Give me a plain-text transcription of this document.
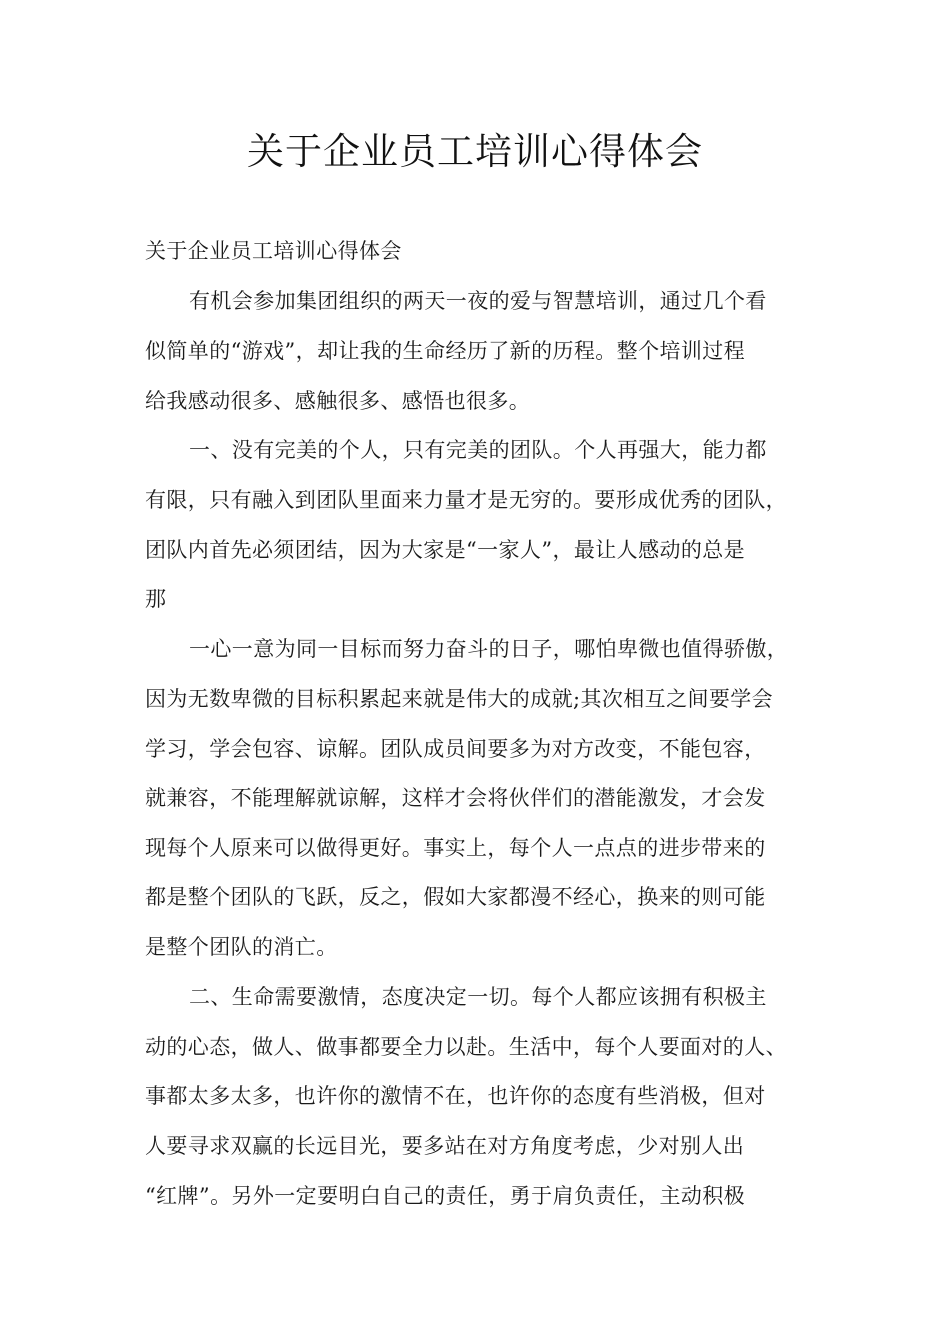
关于企业员工培训心得体会
关于企业员工培训心得体会
有机会参加集团组织的两天一夜的爱与智慧培训，通过几个看
似简单的“游戏”，却让我的生命经历了新的历程。整个培训过程
给我感动很多、感触很多、感悟也很多。
一、没有完美的个人，只有完美的团队。个人再强大，能力都
有限，只有融入到团队里面来力量才是无穷的。要形成优秀的团队，
团队内首先必须团结，因为大家是“一家人”，最让人感动的总是
那
一心一意为同一目标而努力奋斗的日子，哪怕卑微也值得骄傲，
因为无数卑微的目标积累起来就是伟大的成就;其次相互之间要学会
学习，学会包容、谅解。团队成员间要多为对方改变，不能包容，
就兼容，不能理解就谅解，这样才会将伙伴们的潜能激发，才会发
现每个人原来可以做得更好。事实上，每个人一点点的进步带来的
都是整个团队的飞跃，反之，假如大家都漫不经心，换来的则可能
是整个团队的消亡。
二、生命需要激情，态度决定一切。每个人都应该拥有积极主
动的心态，做人、做事都要全力以赴。生活中，每个人要面对的人、
事都太多太多，也许你的激情不在，也许你的态度有些消极，但对
人要寻求双赢的长远目光，要多站在对方角度考虑，少对别人出
“红牌”。另外一定要明白自己的责任，勇于肩负责任，主动积极
